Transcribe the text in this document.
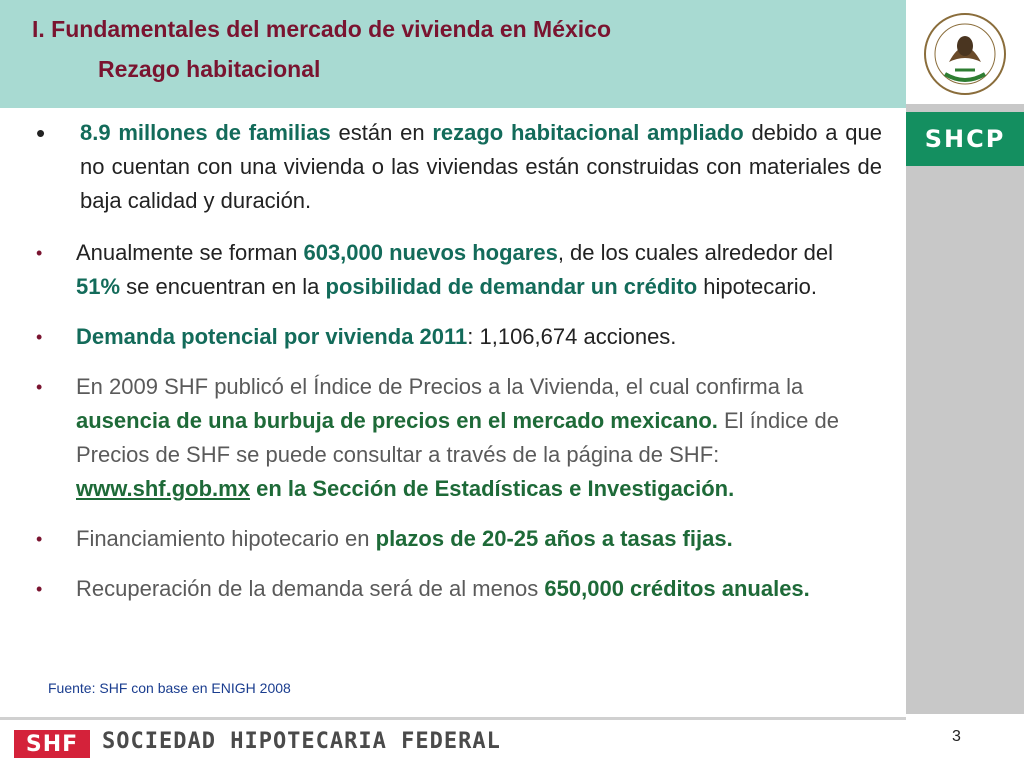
I. Fundamentales del mercado de vivienda en México
Rezago habitacional
SHCP
•	8.9 millones de familias están en rezago habitacional ampliado debido a que no cuentan con una vivienda o las viviendas están construidas con materiales de baja calidad y duración.
•	Anualmente se forman 603,000 nuevos hogares, de los cuales alrededor del 51% se encuentran en la posibilidad de demandar un crédito hipotecario.
•	Demanda potencial por vivienda 2011: 1,106,674 acciones.
•	En 2009 SHF publicó el Índice de Precios a la Vivienda, el cual confirma la ausencia de una burbuja de precios en el mercado mexicano. El índice de Precios de SHF se puede consultar a través de la página de SHF: www.shf.gob.mx en la Sección de Estadísticas e Investigación.
•	Financiamiento hipotecario en plazos de 20-25 años a tasas fijas.
•	Recuperación de la demanda será de al menos 650,000 créditos anuales.
Fuente: SHF con base en ENIGH 2008
SHF	SOCIEDAD HIPOTECARIA FEDERAL	3
